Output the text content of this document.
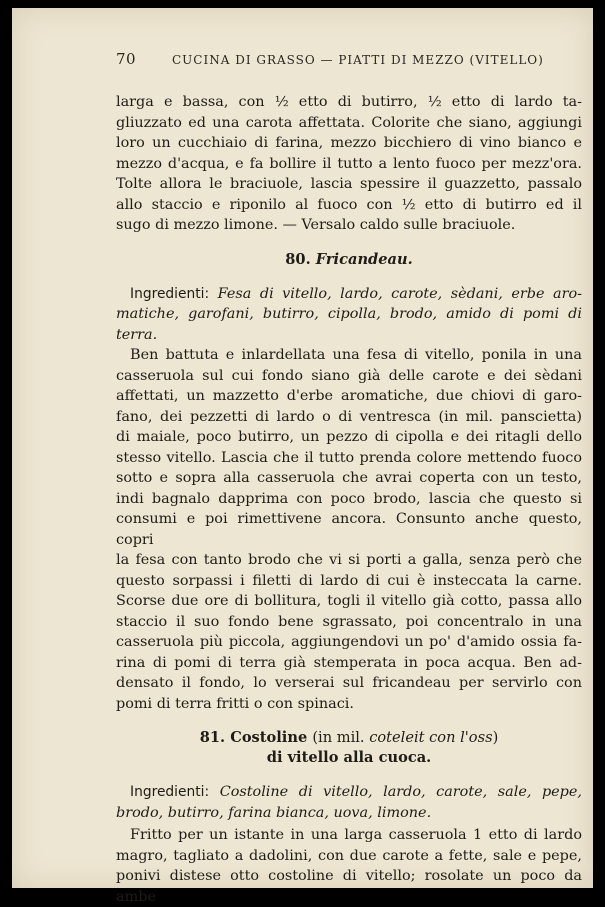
70	CUCINA DI GRASSO — PIATTI DI MEZZO (VITELLO)

larga e bassa, con ½ etto di butirro, ½ etto di lardo ta-
gliuzzato ed una carota affettata. Colorite che siano, aggiungi
loro un cucchiaio di farina, mezzo bicchiero di vino bianco e
mezzo d'acqua, e fa bollire il tutto a lento fuoco per mezz'ora.
Tolte allora le braciuole, lascia spessire il guazzetto, passalo
allo staccio e riponilo al fuoco con ½ etto di butirro ed il
sugo di mezzo limone. — Versalo caldo sulle braciuole.

80. Fricandeau.

Ingredienti: Fesa di vitello, lardo, carote, sèdani, erbe aro-

matiche, garofani, butirro, cipolla, brodo, amido di pomi di
terra.

Ben battuta e inlardellata una fesa di vitello, ponila in una
casseruola sul cui fondo siano già delle carote e dei sèdani
affettati, un mazzetto d'erbe aromatiche, due chiovi di garo-
fano, dei pezzetti di lardo o di ventresca (in mil. panscietta)
di maiale, poco butirro, un pezzo di cipolla e dei ritagli dello
stesso vitello. Lascia che il tutto prenda colore mettendo fuoco
sotto e sopra alla casseruola che avrai coperta con un testo,
indi bagnalo dapprima con poco brodo, lascia che questo si
consumi e poi rimettivene ancora. Consunto anche questo, copri
la fesa con tanto brodo che vi si porti a galla, senza però che
questo sorpassi i filetti di lardo di cui è insteccata la carne.
Scorse due ore di bollitura, togli il vitello già cotto, passa allo
staccio il suo fondo bene sgrassato, poi concentralo in una
casseruola più piccola, aggiungendovi un po' d'amido ossia fa-
rina di pomi di terra già stemperata in poca acqua. Ben ad-
densato il fondo, lo verserai sul fricandeau per servirlo con
pomi di terra fritti o con spinaci.

81. Costoline (in mil. coteleit con l'oss)
di vitello alla cuoca.

Ingredienti: Costoline di vitello, lardo, carote, sale, pepe,
brodo, butirro, farina bianca, uova, limone.

Fritto per un istante in una larga casseruola 1 etto di lardo
magro, tagliato a dadolini, con due carote a fette, sale e pepe,
ponivi distese otto costoline di vitello; rosolate un poco da ambe
